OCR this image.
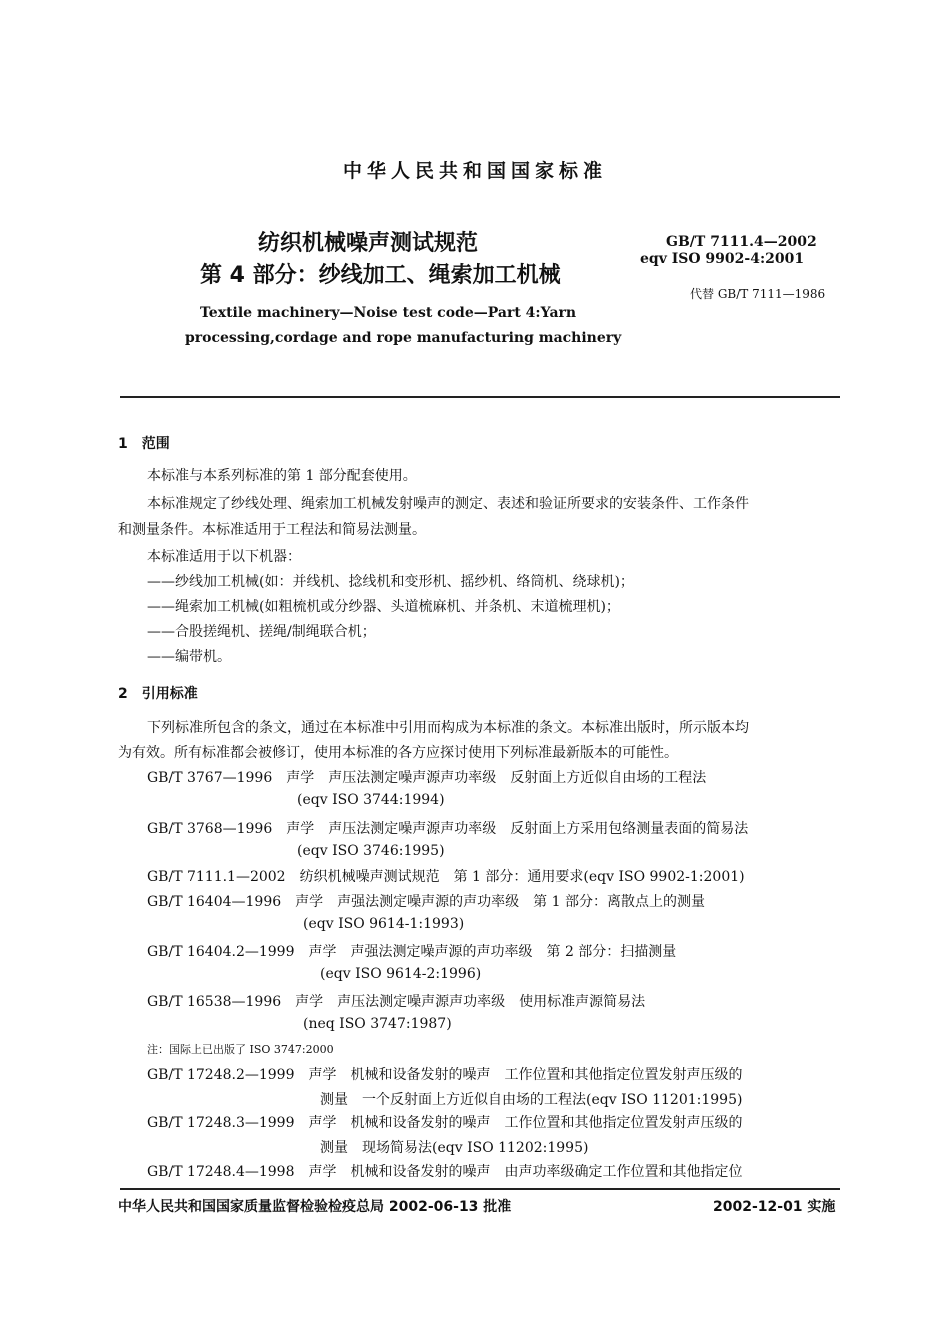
中华人民共和国国家标准
纺织机械噪声测试规范
第 4 部分：纱线加工、绳索加工机械
GB/T 7111.4—2002
eqv ISO 9902-4:2001
代替 GB/T 7111—1986
Textile machinery—Noise test code—Part 4:Yarn
processing,cordage and rope manufacturing machinery
1　范围
本标准与本系列标准的第 1 部分配套使用。
本标准规定了纱线处理、绳索加工机械发射噪声的测定、表述和验证所要求的安装条件、工作条件
和测量条件。本标准适用于工程法和简易法测量。
本标准适用于以下机器：
——纱线加工机械(如：并线机、捻线机和变形机、摇纱机、络筒机、绕球机)；
——绳索加工机械(如粗梳机或分纱器、头道梳麻机、并条机、末道梳理机)；
——合股搓绳机、搓绳/制绳联合机；
——编带机。
2　引用标准
下列标准所包含的条文，通过在本标准中引用而构成为本标准的条文。本标准出版时，所示版本均
为有效。所有标准都会被修订，使用本标准的各方应探讨使用下列标准最新版本的可能性。
GB/T 3767—1996　声学　声压法测定噪声源声功率级　反射面上方近似自由场的工程法
(eqv ISO 3744:1994)
GB/T 3768—1996　声学　声压法测定噪声源声功率级　反射面上方采用包络测量表面的简易法
(eqv ISO 3746:1995)
GB/T 7111.1—2002　纺织机械噪声测试规范　第 1 部分：通用要求(eqv ISO 9902-1:2001)
GB/T 16404—1996　声学　声强法测定噪声源的声功率级　第 1 部分：离散点上的测量
(eqv ISO 9614-1:1993)
GB/T 16404.2—1999　声学　声强法测定噪声源的声功率级　第 2 部分：扫描测量
(eqv ISO 9614-2:1996)
GB/T 16538—1996　声学　声压法测定噪声源声功率级　使用标准声源简易法
(neq ISO 3747:1987)
注：国际上已出版了 ISO 3747:2000
GB/T 17248.2—1999　声学　机械和设备发射的噪声　工作位置和其他指定位置发射声压级的
测量　一个反射面上方近似自由场的工程法(eqv ISO 11201:1995)
GB/T 17248.3—1999　声学　机械和设备发射的噪声　工作位置和其他指定位置发射声压级的
测量　现场简易法(eqv ISO 11202:1995)
GB/T 17248.4—1998　声学　机械和设备发射的噪声　由声功率级确定工作位置和其他指定位
中华人民共和国国家质量监督检验检疫总局 2002-06-13 批准	2002-12-01 实施
